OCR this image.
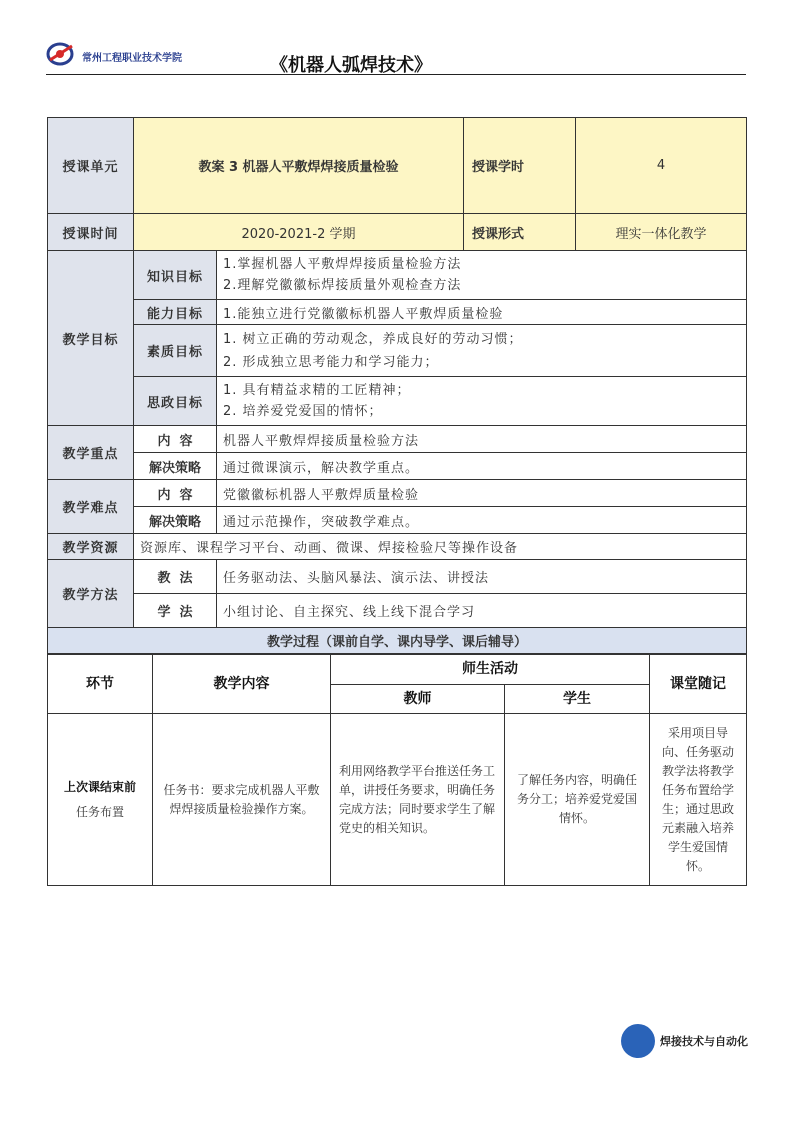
常州工程职业技术学院	《机器人弧焊技术》
授课单元	教案 3 机器人平敷焊焊接质量检验		授课学时	4
授课时间	2020-2021-2 学期		授课形式	理实一体化教学
教学目标	知识目标	1.掌握机器人平敷焊焊接质量检验方法
2.理解党徽徽标焊接质量外观检查方法		

	能力目标	1.能独立进行党徽徽标机器人平敷焊质量检验		
	素质目标	1. 树立正确的劳动观念，养成良好的劳动习惯；
2. 形成独立思考能力和学习能力；		

	思政目标	1. 具有精益求精的工匠精神；
2. 培养爱党爱国的情怀；		

教学重点	内  容	机器人平敷焊焊接质量检验方法		
	解决策略	通过微课演示，解决教学重点。		
教学难点	内  容	党徽徽标机器人平敷焊质量检验		
	解决策略	通过示范操作，突破教学难点。		
教学资源	资源库、课程学习平台、动画、微课、焊接检验尺等操作设备			
教学方法	教  法	任务驱动法、头脑风暴法、演示法、讲授法		
	学  法	小组讨论、自主探究、线上线下混合学习		
教学过程（课前自学、课内导学、课后辅导）				
环节	教学内容	师生活动		课堂随记
		教师	学生	

上次课结束前
任务布置	任务书：要求完成机器人平敷焊焊接质量检验操作方案。	利用网络教学平台推送任务工单，讲授任务要求，明确任务完成方法；同时要求学生了解党史的相关知识。	了解任务内容，明确任务分工；培养爱党爱国情怀。	采用项目导向、任务驱动教学法将教学任务布置给学生；通过思政元素融入培养学生爱国情怀。
焊接技术与自动化
